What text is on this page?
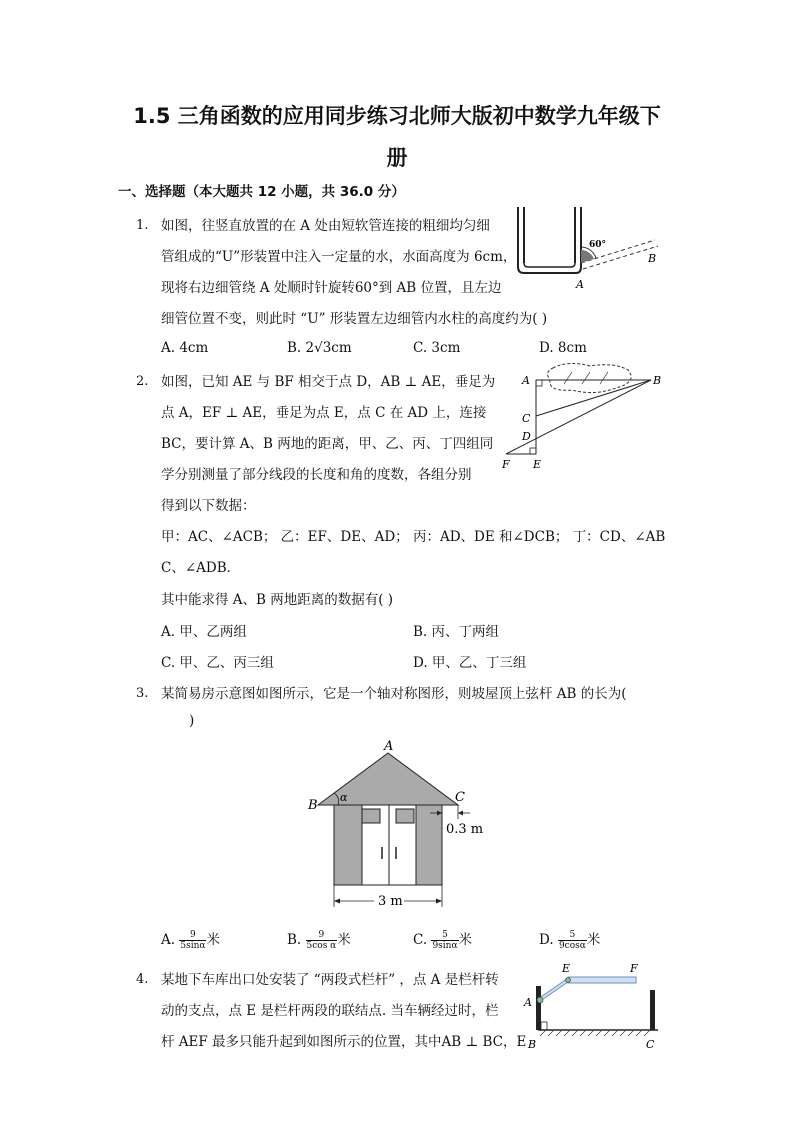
1.5 三角函数的应用同步练习北师大版初中数学九年级下
册
一、选择题（本大题共 12 小题，共 36.0 分）
1. 如图，往竖直放置的在 A 处由短软管连接的粗细均匀细
管组成的“U”形装置中注入一定量的水，水面高度为 6cm，
现将右边细管绕 A 处顺时针旋转60°到 AB 位置，且左边
细管位置不变，则此时 “U” 形装置左边细管内水柱的高度约为( )
A. 4cm	B. 2√3cm	C. 3cm	D. 8cm
60°
A
B
2. 如图，已知 AE 与 BF 相交于点 D，AB ⊥ AE，垂足为
点 A，EF ⊥ AE，垂足为点 E，点 C 在 AD 上，连接
BC，要计算 A、B 两地的距离，甲、乙、丙、丁四组同
学分别测量了部分线段的长度和角的度数，各组分别
得到以下数据：
甲：AC、∠ACB； 乙：EF、DE、AD； 丙：AD、DE 和∠DCB； 丁：CD、∠AB
C、∠ADB．
其中能求得 A、B 两地距离的数据有( )
A. 甲、乙两组	B. 丙、丁两组
C. 甲、乙、丙三组	D. 甲、乙、丁三组
A	B
C
D
E
F
3. 某简易房示意图如图所示，它是一个轴对称图形，则坡屋顶上弦杆 AB 的长为(
)
α
A
B
C
0.3 m
3 m
A. $\frac{9}{5\sin\alpha}$ 米	B. $\frac{9}{\text{5cos α}}$ 米	C. $\frac{5}{9\sin\alpha}$ 米	D. $\frac{5}{9\cos\alpha}$ 米
4. 某地下车库出口处安装了 “两段式栏杆” ，点 A 是栏杆转
动的支点，点 E 是栏杆两段的联结点. 当车辆经过时，栏
杆 AEF 最多只能升起到如图所示的位置，其中AB ⊥ BC，E
A
B	C
E	F
